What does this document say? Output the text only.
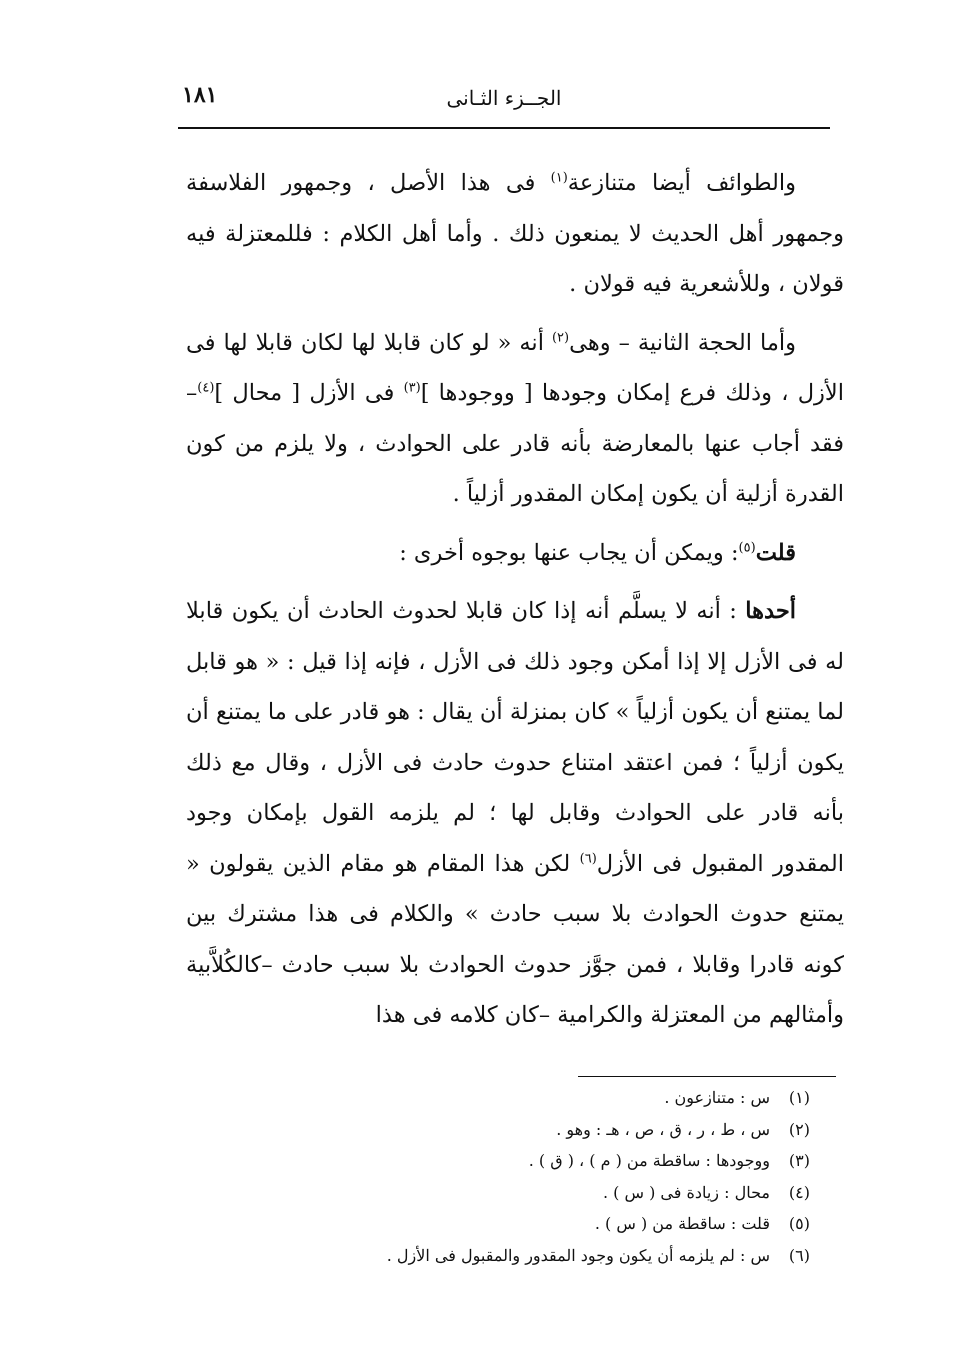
الجــزء الثـانى
١٨١

والطوائف أيضا متنازعة$^{(١)}$ فى هذا الأصل ، وجمهور الفلاسفة وجمهور أهل الحديث لا يمنعون ذلك . وأما أهل الكلام : فللمعتزلة فيه قولان ، وللأشعرية فيه قولان .

وأما الحجة الثانية – وهى$^{(٢)}$ أنه « لو كان قابلا لها لكان قابلا لها فى الأزل ، وذلك فرع إمكان وجودها [ ووجودها ]$^{(٣)}$ فى الأزل [ محال ]$^{(٤)}$– فقد أجاب عنها بالمعارضة بأنه قادر على الحوادث ، ولا يلزم من كون القدرة أزلية أن يكون إمكان المقدور أزلياً .

قلت$^{(٥)}$: ويمكن أن يجاب عنها بوجوه أخرى :

أحدها : أنه لا يسلَّم أنه إذا كان قابلا لحدوث الحادث أن يكون قابلا له فى الأزل إلا إذا أمكن وجود ذلك فى الأزل ، فإنه إذا قيل : « هو قابل لما يمتنع أن يكون أزلياً » كان بمنزلة أن يقال : هو قادر على ما يمتنع أن يكون أزلياً ؛ فمن اعتقد امتناع حدوث حادث فى الأزل ، وقال مع ذلك بأنه قادر على الحوادث وقابل لها ؛ لم يلزمه القول بإمكان وجود المقدور المقبول فى الأزل$^{(٦)}$ لكن هذا المقام هو مقام الذين يقولون « يمتنع حدوث الحوادث بلا سبب حادث » والكلام فى هذا مشترك بين كونه قادرا وقابلا ، فمن جوَّز حدوث الحوادث بلا سبب حادث –كالكُلاَّبية وأمثالهم من المعتزلة والكرامية –كان كلامه فى هذا

(١)
س : متنازعون .
(٢)
س ، ط ، ر ، ق ، ص ، هـ : وهو .
(٣)
ووجودها : ساقطة من ( م ) ، ( ق ) .
(٤)
محال : زيادة فى ( س ) .
(٥)
قلت : ساقطة من ( س ) .
(٦)
س : لم يلزمه أن يكون وجود المقدور والمقبول فى الأزل .
